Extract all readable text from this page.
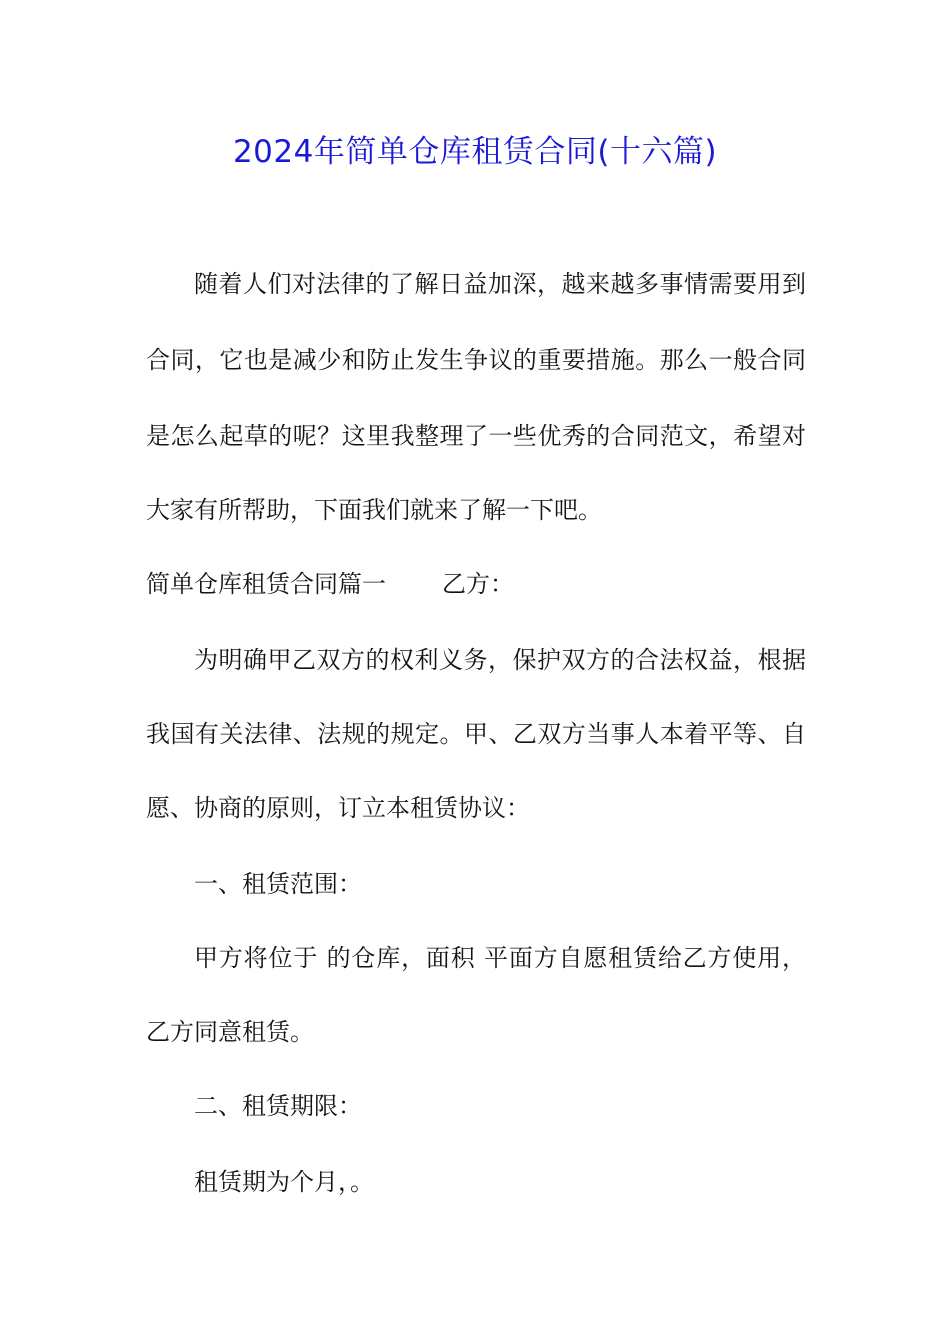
2024年简单仓库租赁合同(十六篇)
随着人们对法律的了解日益加深，越来越多事情需要用到
合同，它也是减少和防止发生争议的重要措施。那么一般合同
是怎么起草的呢？这里我整理了一些优秀的合同范文，希望对
大家有所帮助，下面我们就来了解一下吧。
简单仓库租赁合同篇一 乙方：
为明确甲乙双方的权利义务，保护双方的合法权益，根据
我国有关法律、法规的规定。甲、乙双方当事人本着平等、自
愿、协商的原则，订立本租赁协议：
一、租赁范围：
甲方将位于 的仓库，面积 平面方自愿租赁给乙方使用，
乙方同意租赁。
二、租赁期限：
租赁期为个月，。
